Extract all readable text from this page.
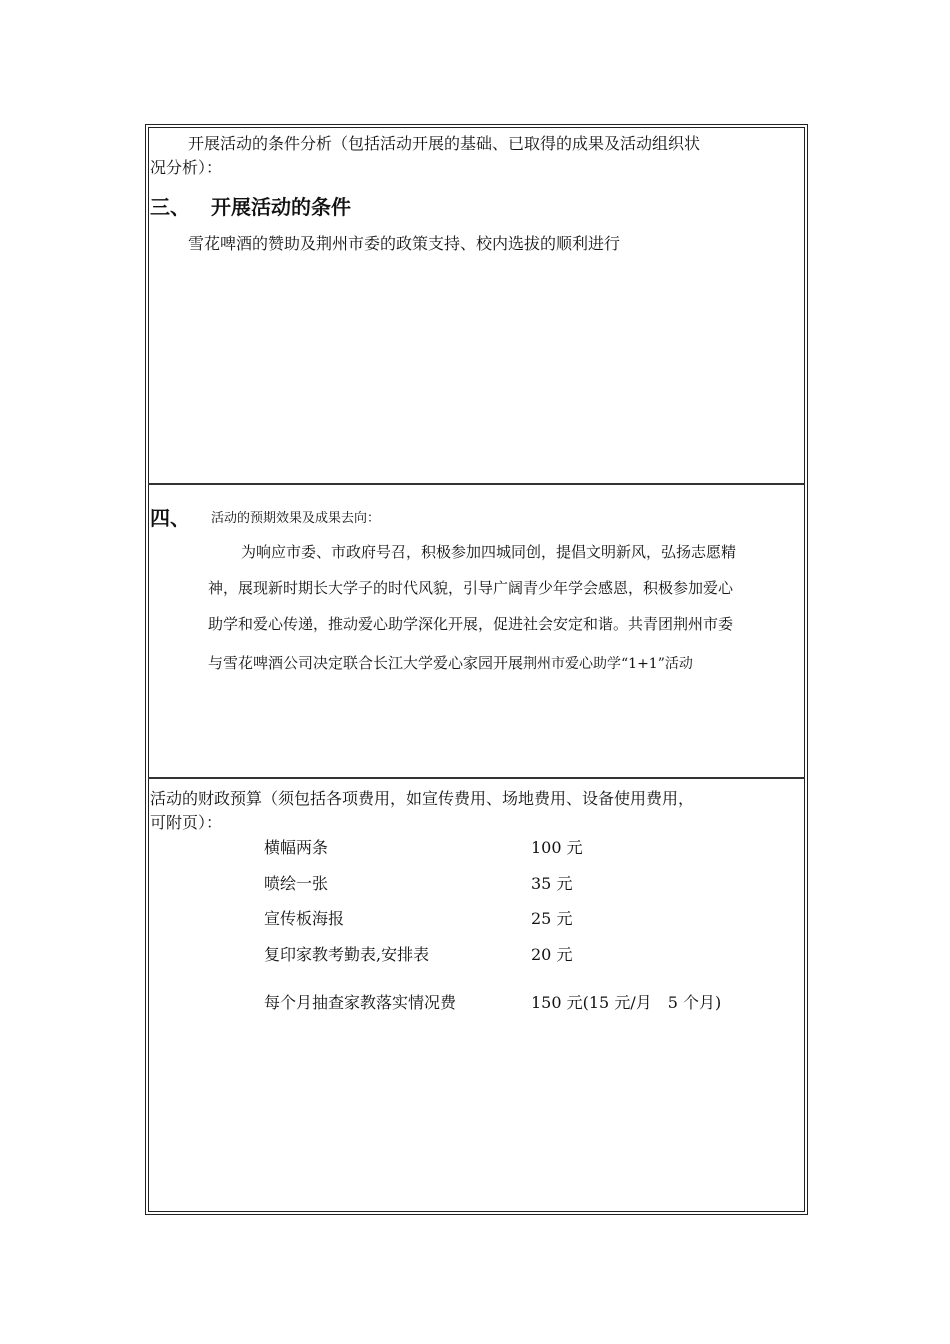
开展活动的条件分析（包括活动开展的基础、已取得的成果及活动组织状
况分析）：
三、 开展活动的条件
雪花啤酒的赞助及荆州市委的政策支持、校内选拔的顺利进行
四、 活动的预期效果及成果去向：
为响应市委、市政府号召，积极参加四城同创，提倡文明新风，弘扬志愿精
神，展现新时期长大学子的时代风貌，引导广阔青少年学会感恩，积极参加爱心
助学和爱心传递，推动爱心助学深化开展，促进社会安定和谐。共青团荆州市委
与雪花啤酒公司决定联合长江大学爱心家园开展荆州市爱心助学“1+1”活动
活动的财政预算（须包括各项费用，如宣传费用、场地费用、设备使用费用，
可附页）：
横幅两条	100 元
喷绘一张	35 元
宣传板海报	25 元
复印家教考勤表,安排表	20 元
每个月抽查家教落实情况费	150 元(15 元/月　5 个月)
